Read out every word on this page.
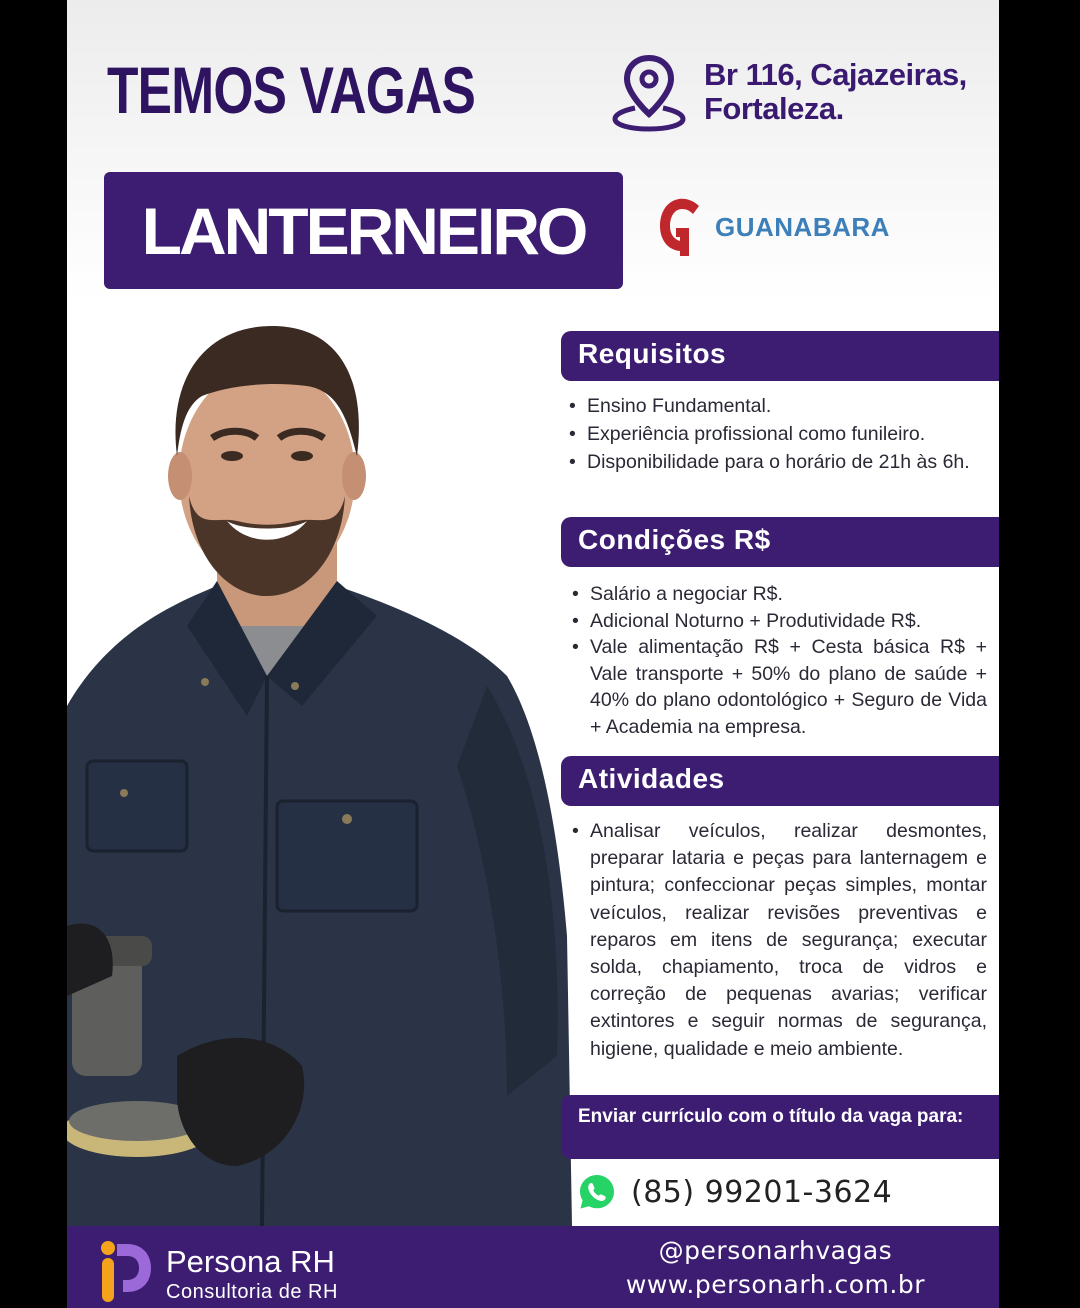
TEMOS VAGAS	Br 116, Cajazeiras,
Fortaleza.

LANTERNEIRO	GUANABARA
Requisitos
• Ensino Fundamental.
• Experiência profissional como funileiro.
• Disponibilidade para o horário de 21h às 6h.
Condições R$
• Salário a negociar R$.
• Adicional Noturno + Produtividade R$.
• Vale alimentação R$ + Cesta básica R$ + Vale transporte + 50% do plano de saúde + 40% do plano odontológico + Seguro de Vida + Academia na empresa.
Atividades
• Analisar veículos, realizar desmontes, preparar lataria e peças para lanternagem e pintura; confeccionar peças simples, montar veículos, realizar revisões preventivas e reparos em itens de segurança; executar solda, chapiamento, troca de vidros e correção de pequenas avarias; verificar extintores e seguir normas de segurança, higiene, qualidade e meio ambiente.

Enviar currículo com o título da vaga para:

(85) 99201-3624
Persona RH
Consultoria de RH
@personarhvagas
www.personarh.com.br
